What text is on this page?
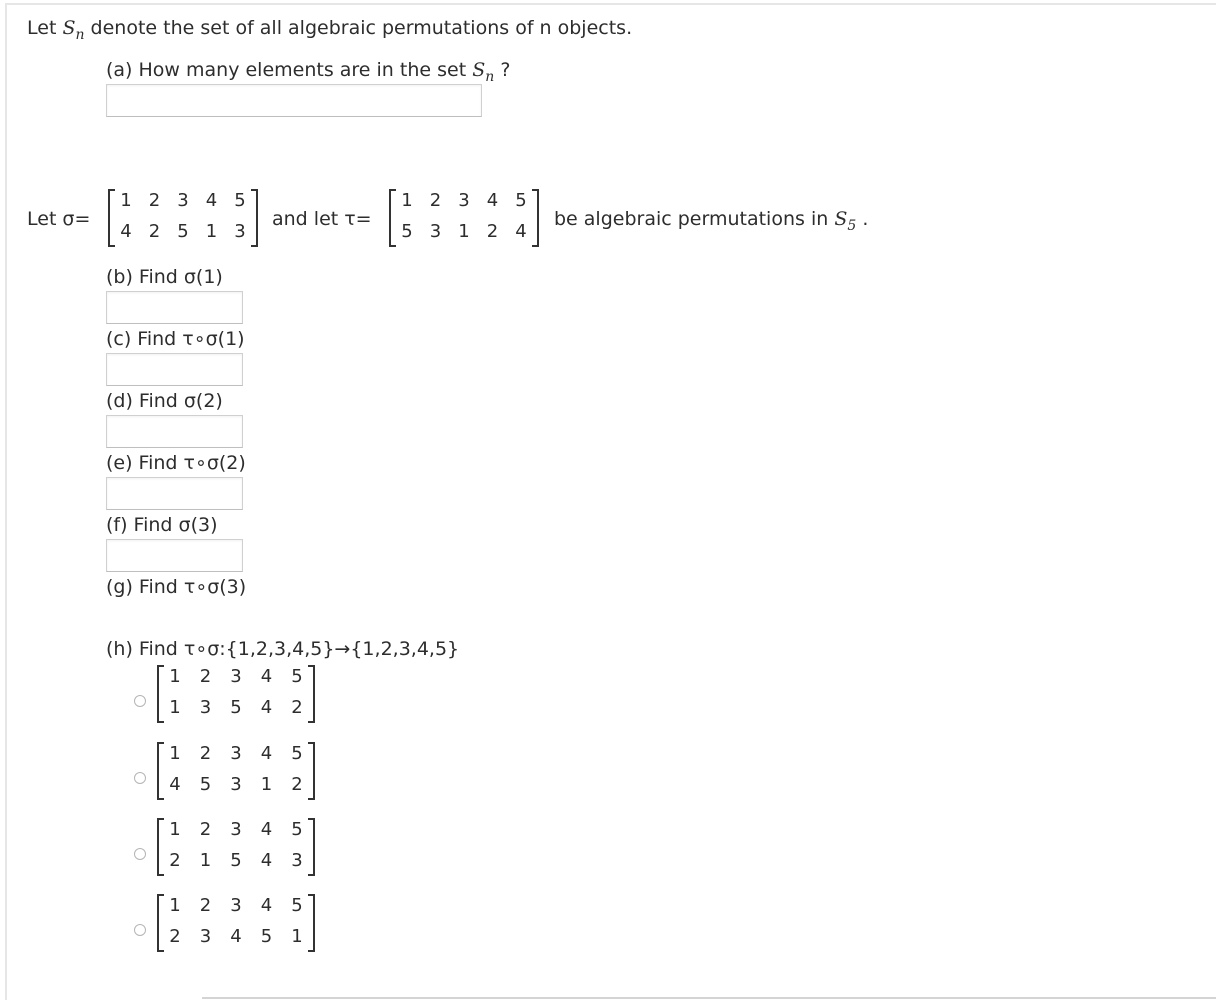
Let $S_n$ denote the set of all algebraic permutations of n objects.
(a) How many elements are in the set $S_n$ ?
Let σ=
1 2 3 4 5
4 2 5 1 3
and let τ=
1 2 3 4 5
5 3 1 2 4
be algebraic permutations in $S_5$ .
(b) Find σ(1)
(c) Find τ∘σ(1)
(d) Find σ(2)
(e) Find τ∘σ(2)
(f) Find σ(3)
(g) Find τ∘σ(3)
(h) Find τ∘σ:{1,2,3,4,5}→{1,2,3,4,5}
1 2 3 4 5
1 3 5 4 2
1 2 3 4 5
4 5 3 1 2
1 2 3 4 5
2 1 5 4 3
1 2 3 4 5
2 3 4 5 1
